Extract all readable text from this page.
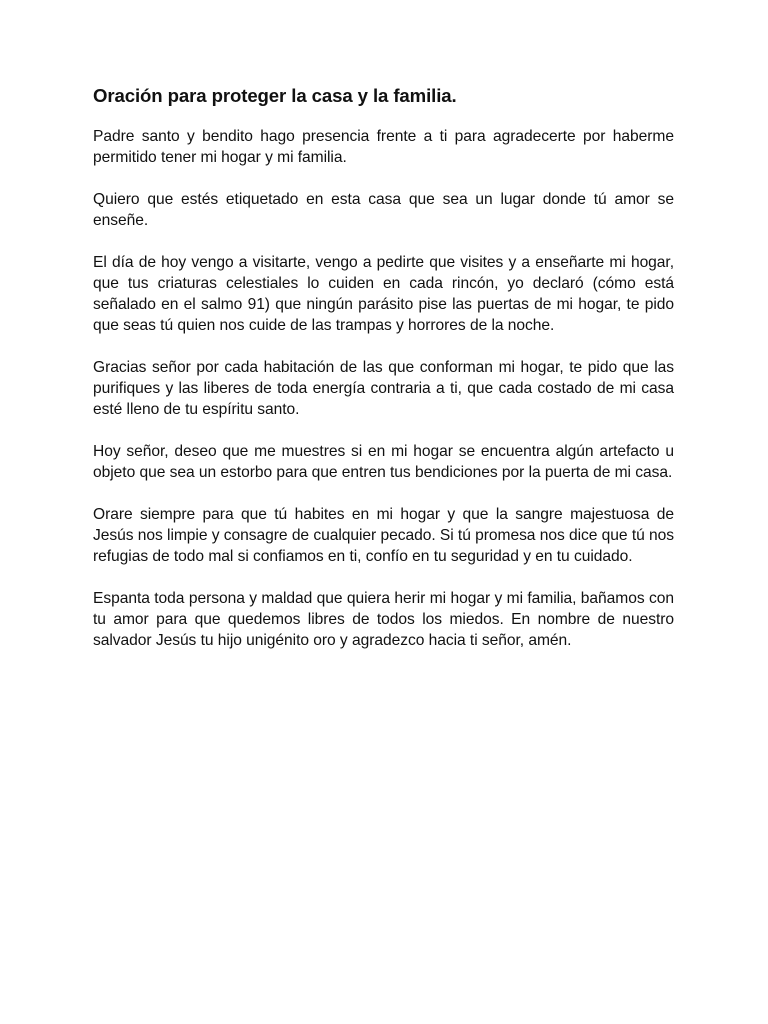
Oración para proteger la casa y la familia.

Padre santo y bendito hago presencia frente a ti para agradecerte por haberme permitido tener mi hogar y mi familia.

Quiero que estés etiquetado en esta casa que sea un lugar donde tú amor se enseñe.

El día de hoy vengo a visitarte, vengo a pedirte que visites y a enseñarte mi hogar, que tus criaturas celestiales lo cuiden en cada rincón, yo declaró (cómo está señalado en el salmo 91) que ningún parásito pise las puertas de mi hogar, te pido que seas tú quien nos cuide de las trampas y horrores de la noche.

Gracias señor por cada habitación de las que conforman mi hogar, te pido que las purifiques y las liberes de toda energía contraria a ti, que cada costado de mi casa esté lleno de tu espíritu santo.

Hoy señor, deseo que me muestres si en mi hogar se encuentra algún artefacto u objeto que sea un estorbo para que entren tus bendiciones por la puerta de mi casa.

Orare siempre para que tú habites en mi hogar y que la sangre majestuosa de Jesús nos limpie y consagre de cualquier pecado. Si tú promesa nos dice que tú nos refugias de todo mal si confiamos en ti, confío en tu seguridad y en tu cuidado.

Espanta toda persona y maldad que quiera herir mi hogar y mi familia, bañamos con tu amor para que quedemos libres de todos los miedos. En nombre de nuestro salvador Jesús tu hijo unigénito oro y agradezco hacia ti señor, amén.
